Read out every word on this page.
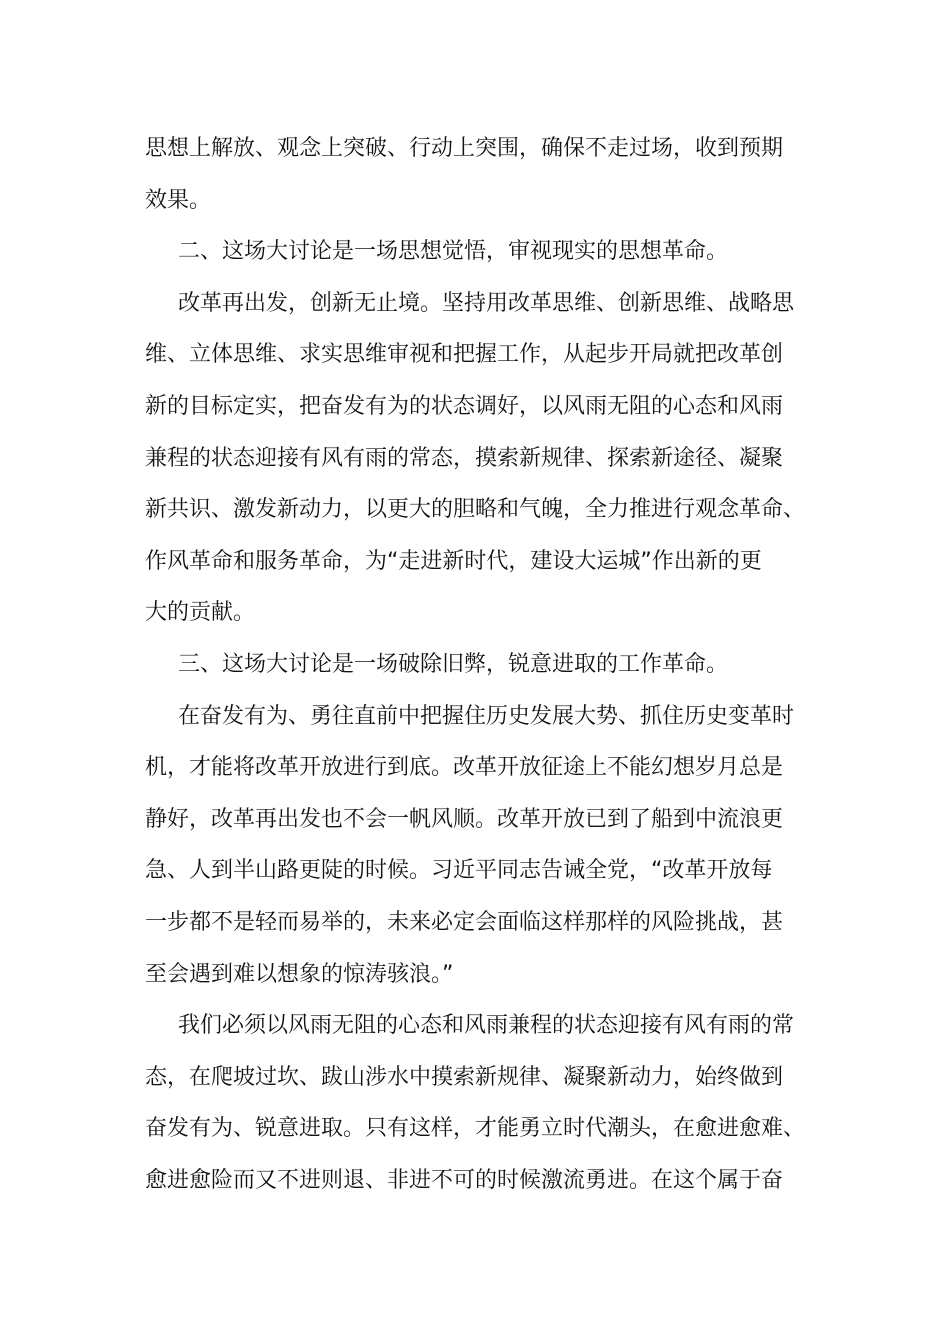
思想上解放、观念上突破、行动上突围，确保不走过场，收到预期
效果。
二、这场大讨论是一场思想觉悟，审视现实的思想革命。
改革再出发，创新无止境。坚持用改革思维、创新思维、战略思
维、立体思维、求实思维审视和把握工作，从起步开局就把改革创
新的目标定实，把奋发有为的状态调好，以风雨无阻的心态和风雨
兼程的状态迎接有风有雨的常态，摸索新规律、探索新途径、凝聚
新共识、激发新动力，以更大的胆略和气魄，全力推进行观念革命、
作风革命和服务革命，为“走进新时代，建设大运城”作出新的更
大的贡献。
三、这场大讨论是一场破除旧弊，锐意进取的工作革命。
在奋发有为、勇往直前中把握住历史发展大势、抓住历史变革时
机，才能将改革开放进行到底。改革开放征途上不能幻想岁月总是
静好，改革再出发也不会一帆风顺。改革开放已到了船到中流浪更
急、人到半山路更陡的时候。习近平同志告诫全党，“改革开放每
一步都不是轻而易举的，未来必定会面临这样那样的风险挑战，甚
至会遇到难以想象的惊涛骇浪。”
我们必须以风雨无阻的心态和风雨兼程的状态迎接有风有雨的常
态，在爬坡过坎、跋山涉水中摸索新规律、凝聚新动力，始终做到
奋发有为、锐意进取。只有这样，才能勇立时代潮头，在愈进愈难、
愈进愈险而又不进则退、非进不可的时候激流勇进。在这个属于奋
